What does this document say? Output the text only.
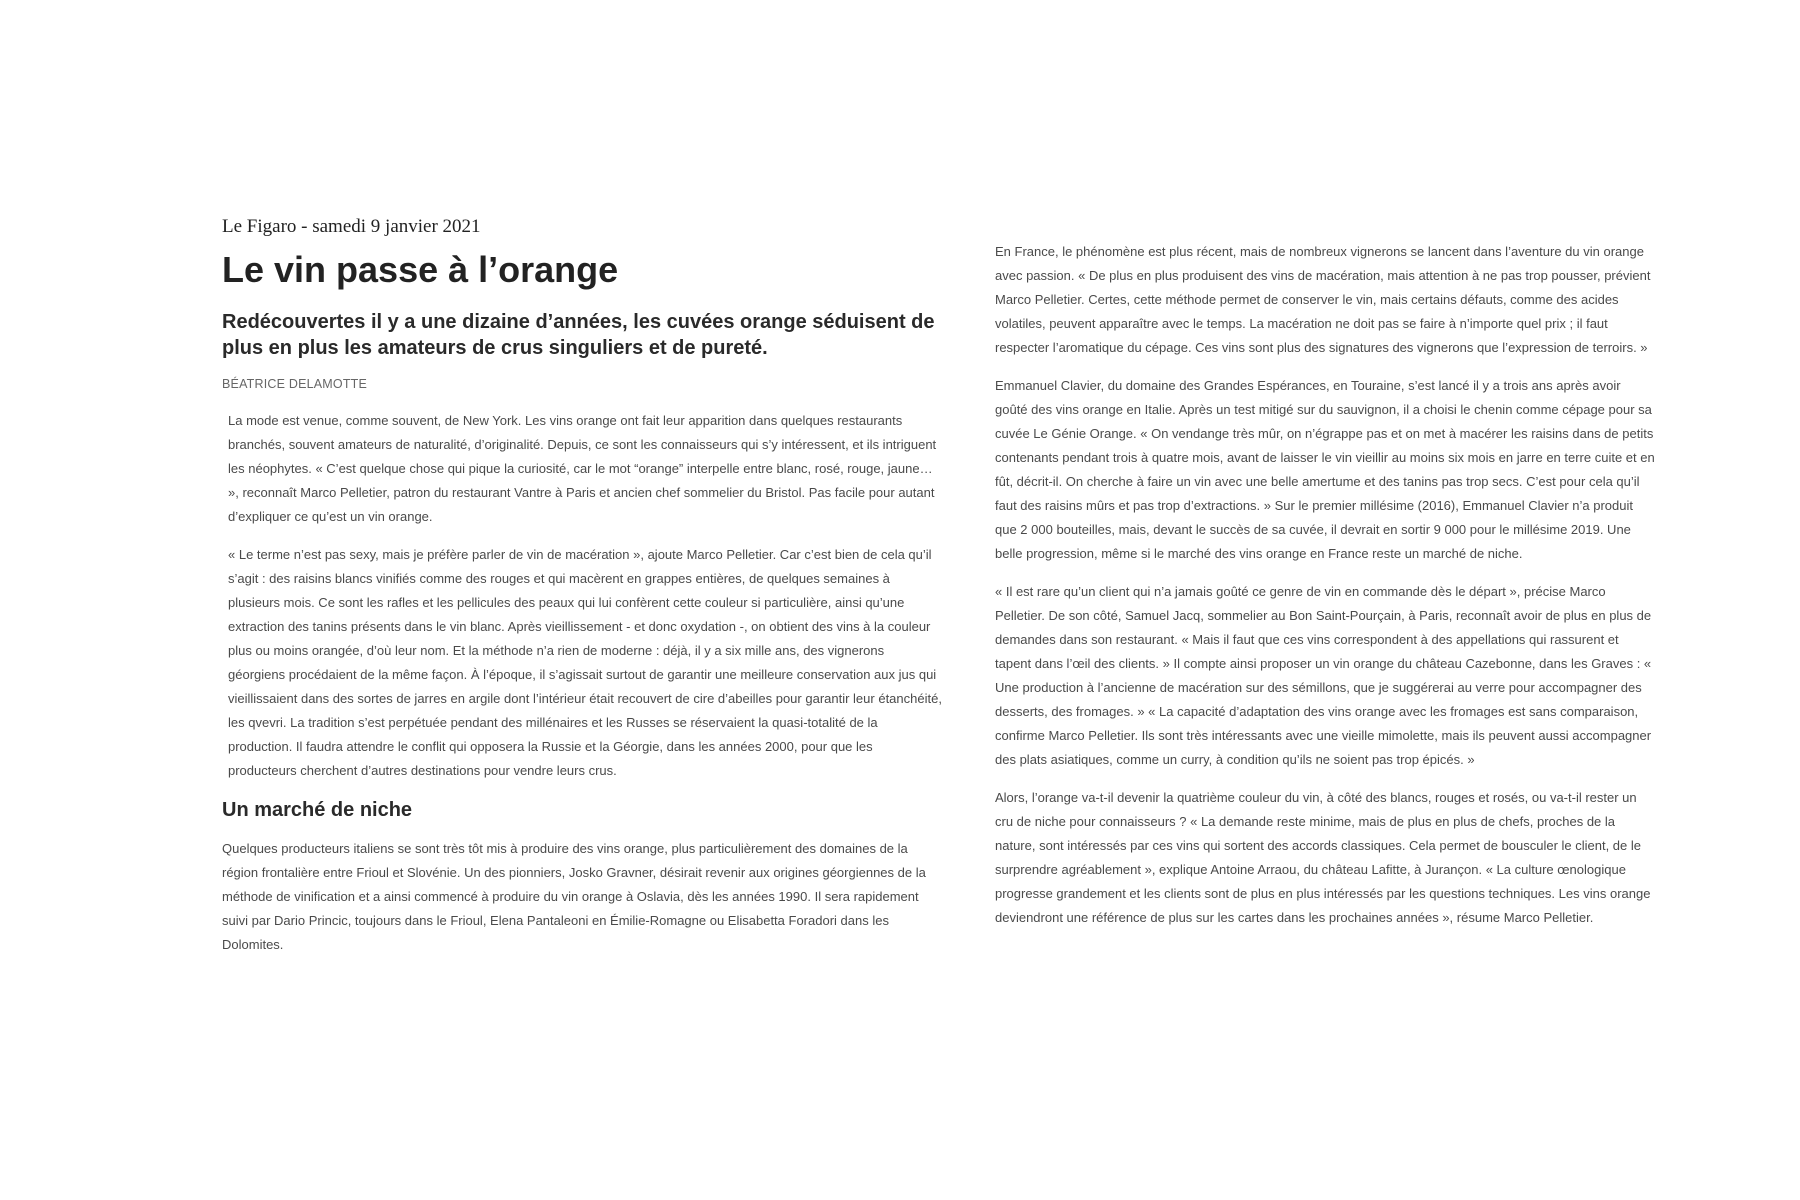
Le Figaro - samedi 9 janvier 2021
Le vin passe à l’orange
Redécouvertes il y a une dizaine d’années, les cuvées orange séduisent de plus en plus les amateurs de crus singuliers et de pureté.
BÉATRICE DELAMOTTE

La mode est venue, comme souvent, de New York. Les vins orange ont fait leur apparition dans quelques restaurants branchés, souvent amateurs de naturalité, d’originalité. Depuis, ce sont les connaisseurs qui s’y intéressent, et ils intriguent les néophytes. « C’est quelque chose qui pique la curiosité, car le mot “orange” interpelle entre blanc, rosé, rouge, jaune… », reconnaît Marco Pelletier, patron du restaurant Vantre à Paris et ancien chef sommelier du Bristol. Pas facile pour autant d’expliquer ce qu’est un vin orange.

« Le terme n’est pas sexy, mais je préfère parler de vin de macération », ajoute Marco Pelletier. Car c’est bien de cela qu’il s’agit : des raisins blancs vinifiés comme des rouges et qui macèrent en grappes entières, de quelques semaines à plusieurs mois. Ce sont les rafles et les pellicules des peaux qui lui confèrent cette couleur si particulière, ainsi qu’une extraction des tanins présents dans le vin blanc. Après vieillissement - et donc oxydation -, on obtient des vins à la couleur plus ou moins orangée, d’où leur nom. Et la méthode n’a rien de moderne : déjà, il y a six mille ans, des vignerons géorgiens procédaient de la même façon. À l’époque, il s’agissait surtout de garantir une meilleure conservation aux jus qui vieillissaient dans des sortes de jarres en argile dont l’intérieur était recouvert de cire d’abeilles pour garantir leur étanchéité, les qvevri. La tradition s’est perpétuée pendant des millénaires et les Russes se réservaient la quasi-totalité de la production. Il faudra attendre le conflit qui opposera la Russie et la Géorgie, dans les années 2000, pour que les producteurs cherchent d’autres destinations pour vendre leurs crus.

Un marché de niche

Quelques producteurs italiens se sont très tôt mis à produire des vins orange, plus particulièrement des domaines de la région frontalière entre Frioul et Slovénie. Un des pionniers, Josko Gravner, désirait revenir aux origines géorgiennes de la méthode de vinification et a ainsi commencé à produire du vin orange à Oslavia, dès les années 1990. Il sera rapidement suivi par Dario Princic, toujours dans le Frioul, Elena Pantaleoni en Émilie-Romagne ou Elisabetta Foradori dans les Dolomites.

En France, le phénomène est plus récent, mais de nombreux vignerons se lancent dans l’aventure du vin orange avec passion. « De plus en plus produisent des vins de macération, mais attention à ne pas trop pousser, prévient Marco Pelletier. Certes, cette méthode permet de conserver le vin, mais certains défauts, comme des acides volatiles, peuvent apparaître avec le temps. La macération ne doit pas se faire à n’importe quel prix ; il faut respecter l’aromatique du cépage. Ces vins sont plus des signatures des vignerons que l’expression de terroirs. »

Emmanuel Clavier, du domaine des Grandes Espérances, en Touraine, s’est lancé il y a trois ans après avoir goûté des vins orange en Italie. Après un test mitigé sur du sauvignon, il a choisi le chenin comme cépage pour sa cuvée Le Génie Orange. « On vendange très mûr, on n’égrappe pas et on met à macérer les raisins dans de petits contenants pendant trois à quatre mois, avant de laisser le vin vieillir au moins six mois en jarre en terre cuite et en fût, décrit-il. On cherche à faire un vin avec une belle amertume et des tanins pas trop secs. C’est pour cela qu’il faut des raisins mûrs et pas trop d’extractions. » Sur le premier millésime (2016), Emmanuel Clavier n’a produit que 2 000 bouteilles, mais, devant le succès de sa cuvée, il devrait en sortir 9 000 pour le millésime 2019. Une belle progression, même si le marché des vins orange en France reste un marché de niche.

« Il est rare qu’un client qui n’a jamais goûté ce genre de vin en commande dès le départ », précise Marco Pelletier. De son côté, Samuel Jacq, sommelier au Bon Saint-Pourçain, à Paris, reconnaît avoir de plus en plus de demandes dans son restaurant. « Mais il faut que ces vins correspondent à des appellations qui rassurent et tapent dans l’œil des clients. » Il compte ainsi proposer un vin orange du château Cazebonne, dans les Graves : « Une production à l’ancienne de macération sur des sémillons, que je suggérerai au verre pour accompagner des desserts, des fromages. » « La capacité d’adaptation des vins orange avec les fromages est sans comparaison, confirme Marco Pelletier. Ils sont très intéressants avec une vieille mimolette, mais ils peuvent aussi accompagner des plats asiatiques, comme un curry, à condition qu’ils ne soient pas trop épicés. »

Alors, l’orange va-t-il devenir la quatrième couleur du vin, à côté des blancs, rouges et rosés, ou va-t-il rester un cru de niche pour connaisseurs ? « La demande reste minime, mais de plus en plus de chefs, proches de la nature, sont intéressés par ces vins qui sortent des accords classiques. Cela permet de bousculer le client, de le surprendre agréablement », explique Antoine Arraou, du château Lafitte, à Jurançon. « La culture œnologique progresse grandement et les clients sont de plus en plus intéressés par les questions techniques. Les vins orange deviendront une référence de plus sur les cartes dans les prochaines années », résume Marco Pelletier.
